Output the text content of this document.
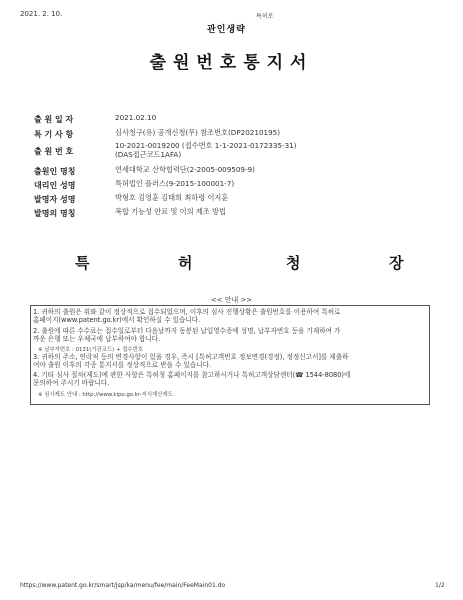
2021. 2. 10.	특허로
관인생략
출원번호통지서
출 원 일 자	2021.02.10
특 기 사 항	심사청구(유) 공개신청(무) 참조번호(DP20210195)
출 원 번 호
10-2021-0019200 (접수번호 1-1-2021-0172335-31)
(DAS접근코드1AFA)
출원인 명칭	연세대학교 산학협력단(2-2005-009509-9)
대리인 성명	특허법인 플러스(9-2015-100001-7)
발명자 성명	박형호 김영훈 김태희 최하령 이지훈
발명의 명칭	복합 기능성 안료 및 이의 제조 방법
특	허	청	장
<< 안내 >>
1. 귀하의 출원은 위와 같이 정상적으로 접수되었으며, 이후의 심사 진행상황은 출원번호를 이용하여 특허로
홈페이지(www.patent.go.kr)에서 확인하실 수 있습니다.
2. 출원에 따른 수수료는 접수일로부터 다음날까지 동봉된 납입영수증에 성명, 납부자번호 등을 기재하여 가
까운 은행 또는 우체국에 납부하여야 합니다.
※ 납부자번호 : 0131(기관코드) + 접수번호
3. 귀하의 주소, 연락처 등의 변경사항이 있을 경우, 즉시 [특허고객번호 정보변경(경정), 정정신고서]를 제출하
여야 출원 이후의 각종 통지서를 정상적으로 받을 수 있습니다.
4. 기타 심사 절차(제도)에 관한 사항은 특허청 홈페이지를 참고하시거나 특허고객상담센터(☎ 1544-8080)에
문의하여 주시기 바랍니다.
※ 심사제도 안내 : http://www.kipo.go.kr-지식재산제도
https://www.patent.go.kr/smart/jsp/ka/menu/fee/main/FeeMain01.do	1/2
